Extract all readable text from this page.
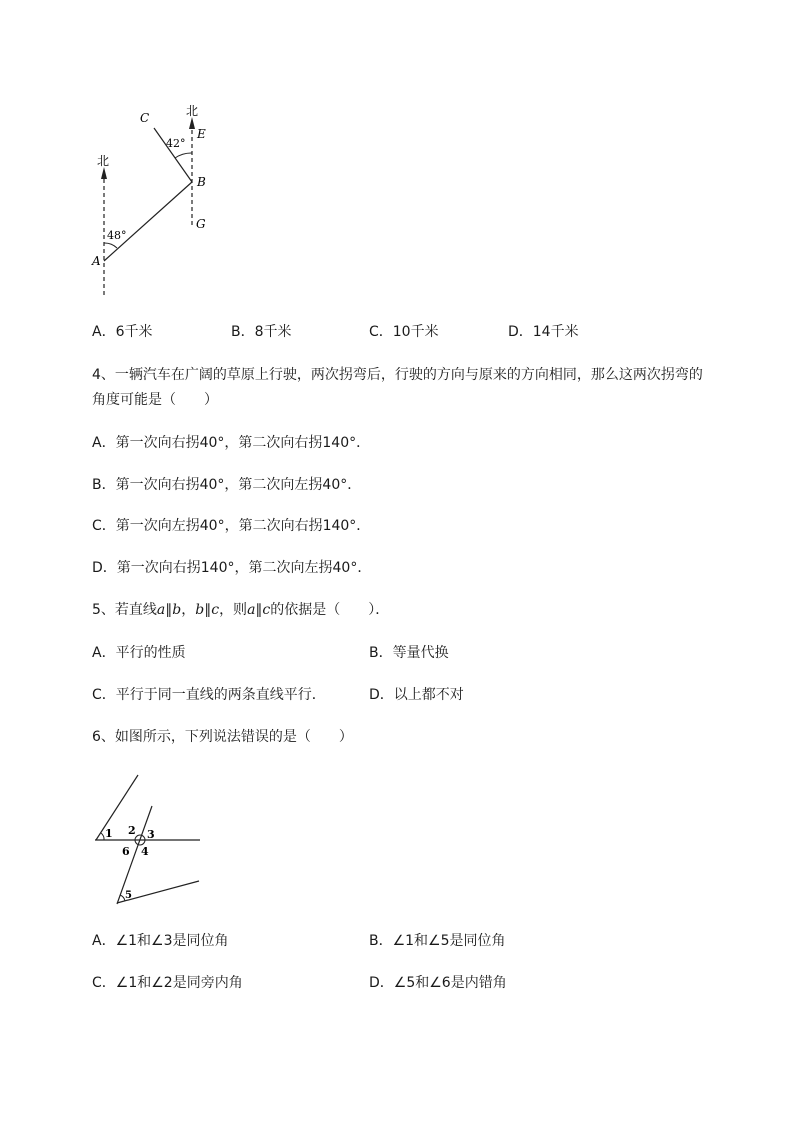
北
北
C
42°
E
B
G
48°
A
A．6千米	B．8千米	C．10千米	D．14千米
4、一辆汽车在广阔的草原上行驶，两次拐弯后，行驶的方向与原来的方向相同，那么这两次拐弯的
角度可能是（　　）
A．第一次向右拐40°，第二次向右拐140°．
B．第一次向右拐40°，第二次向左拐40°．
C．第一次向左拐40°，第二次向右拐140°．
D．第一次向右拐140°，第二次向左拐40°．
5、若直线a∥b，b∥c，则a∥c的依据是（　　）．
A．平行的性质	B．等量代换
C．平行于同一直线的两条直线平行．	D．以上都不对
6、如图所示，下列说法错误的是（　　）
1 2 3
6 4
5
A．∠1和∠3是同位角	B．∠1和∠5是同位角
C．∠1和∠2是同旁内角	D．∠5和∠6是内错角
